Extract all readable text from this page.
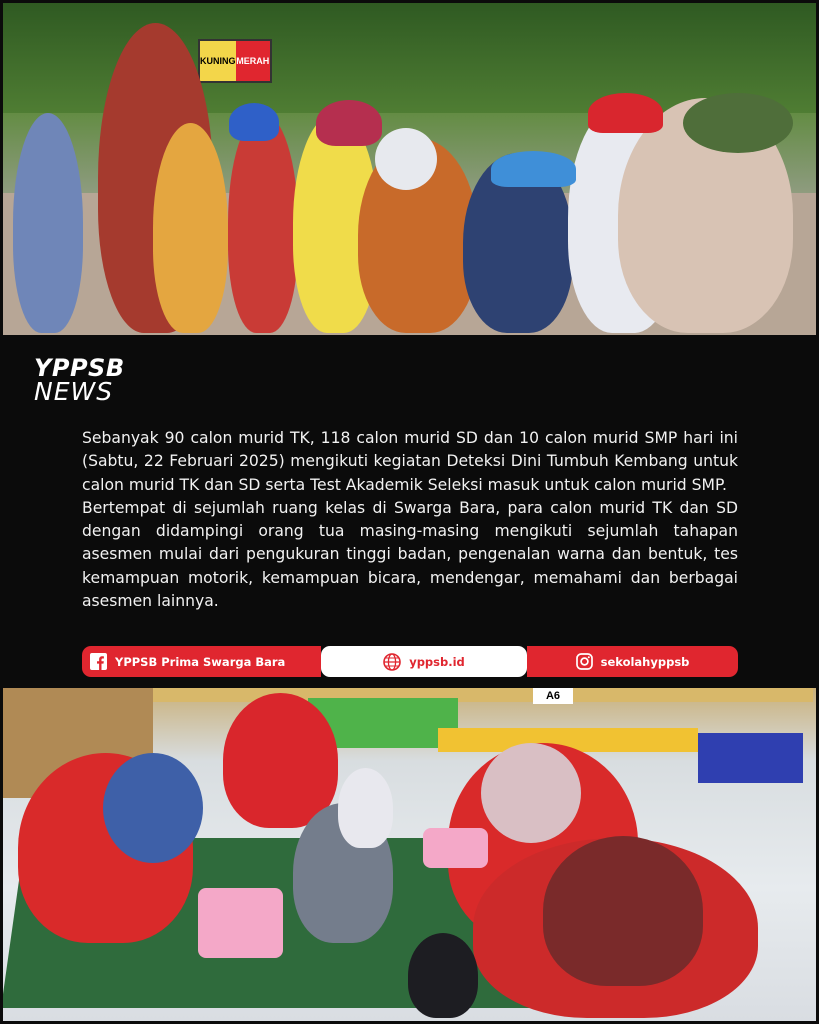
KUNING MERAH
YPPSB
NEWS

Sebanyak 90 calon murid TK, 118 calon murid SD dan 10 calon murid SMP hari ini (Sabtu, 22 Februari 2025) mengikuti kegiatan Deteksi Dini Tumbuh Kembang untuk calon murid TK dan SD serta Test Akademik Seleksi masuk untuk calon murid SMP.

Bertempat di sejumlah ruang kelas di Swarga Bara, para calon murid TK dan SD dengan didampingi orang tua masing-masing mengikuti sejumlah tahapan asesmen mulai dari pengukuran tinggi badan, pengenalan warna dan bentuk, tes kemampuan motorik, kemampuan bicara, mendengar, memahami dan berbagai asesmen lainnya.

YPPSB Prima Swarga Bara	yppsb.id	sekolahyppsb
A6
